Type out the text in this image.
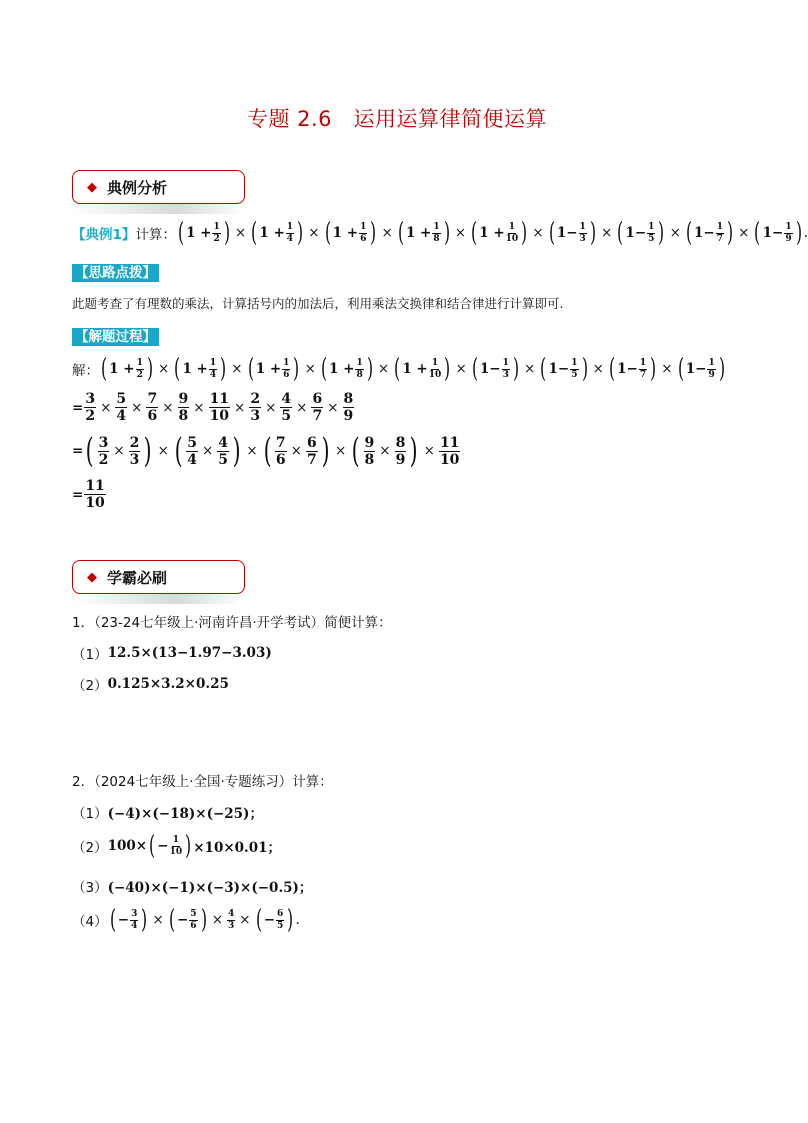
专题 2.6　运用运算律简便运算
◆ 典例分析
【典例1】 计算： ( 1 + 1
2 ) × ( 1 + 1
4 ) × ( 1 + 1
6 ) × ( 1 + 1
8 ) × ( 1 + 1
10 ) × ( 1− 1
3 ) × ( 1− 1
5 ) × ( 1− 1
7 ) × ( 1− 1
9 ) .
【思路点拨】
此题考查了有理数的乘法，计算括号内的加法后，利用乘法交换律和结合律进行计算即可.
【解题过程】
解： ( 1 + 1
2 ) × ( 1 + 1
4 ) × ( 1 + 1
6 ) × ( 1 + 1
8 ) × ( 1 + 1
10 ) × ( 1− 1
3 ) × ( 1− 1
5 ) × ( 1− 1
7 ) × ( 1− 1
9 )
= $\frac{3}{2} \times \frac{5}{4} \times \frac{7}{6} \times \frac{9}{8} \times \frac{11}{10} \times \frac{2}{3} \times \frac{4}{5} \times \frac{6}{7} \times \frac{8}{9}$
= ( $\frac{3}{2} \times \frac{2}{3}$ ) × ( $\frac{5}{4} \times \frac{4}{5}$ ) × ( $\frac{7}{6} \times \frac{6}{7}$ ) × ( $\frac{9}{8} \times \frac{8}{9}$ ) × $\frac{11}{10}$
=
11
10
◆ 学霸必刷
1．（23-24七年级上·河南许昌·开学考试）简便计算：
（1） 12.5×(13−1.97−3.03)
（2） 0.125×3.2×0.25
2．（2024七年级上·全国·专题练习）计算：
（1） (−4)×(−18)×(−25)；
（2） 100× ( − $\frac{1}{10}$ ) ×10×0.01；
（3） (−40)×(−1)×(−3)×(−0.5)；
（4） ( − 3
4 ) × ( − 5
6 ) × $\frac{4}{3}$ × ( − 6
5 ) .
